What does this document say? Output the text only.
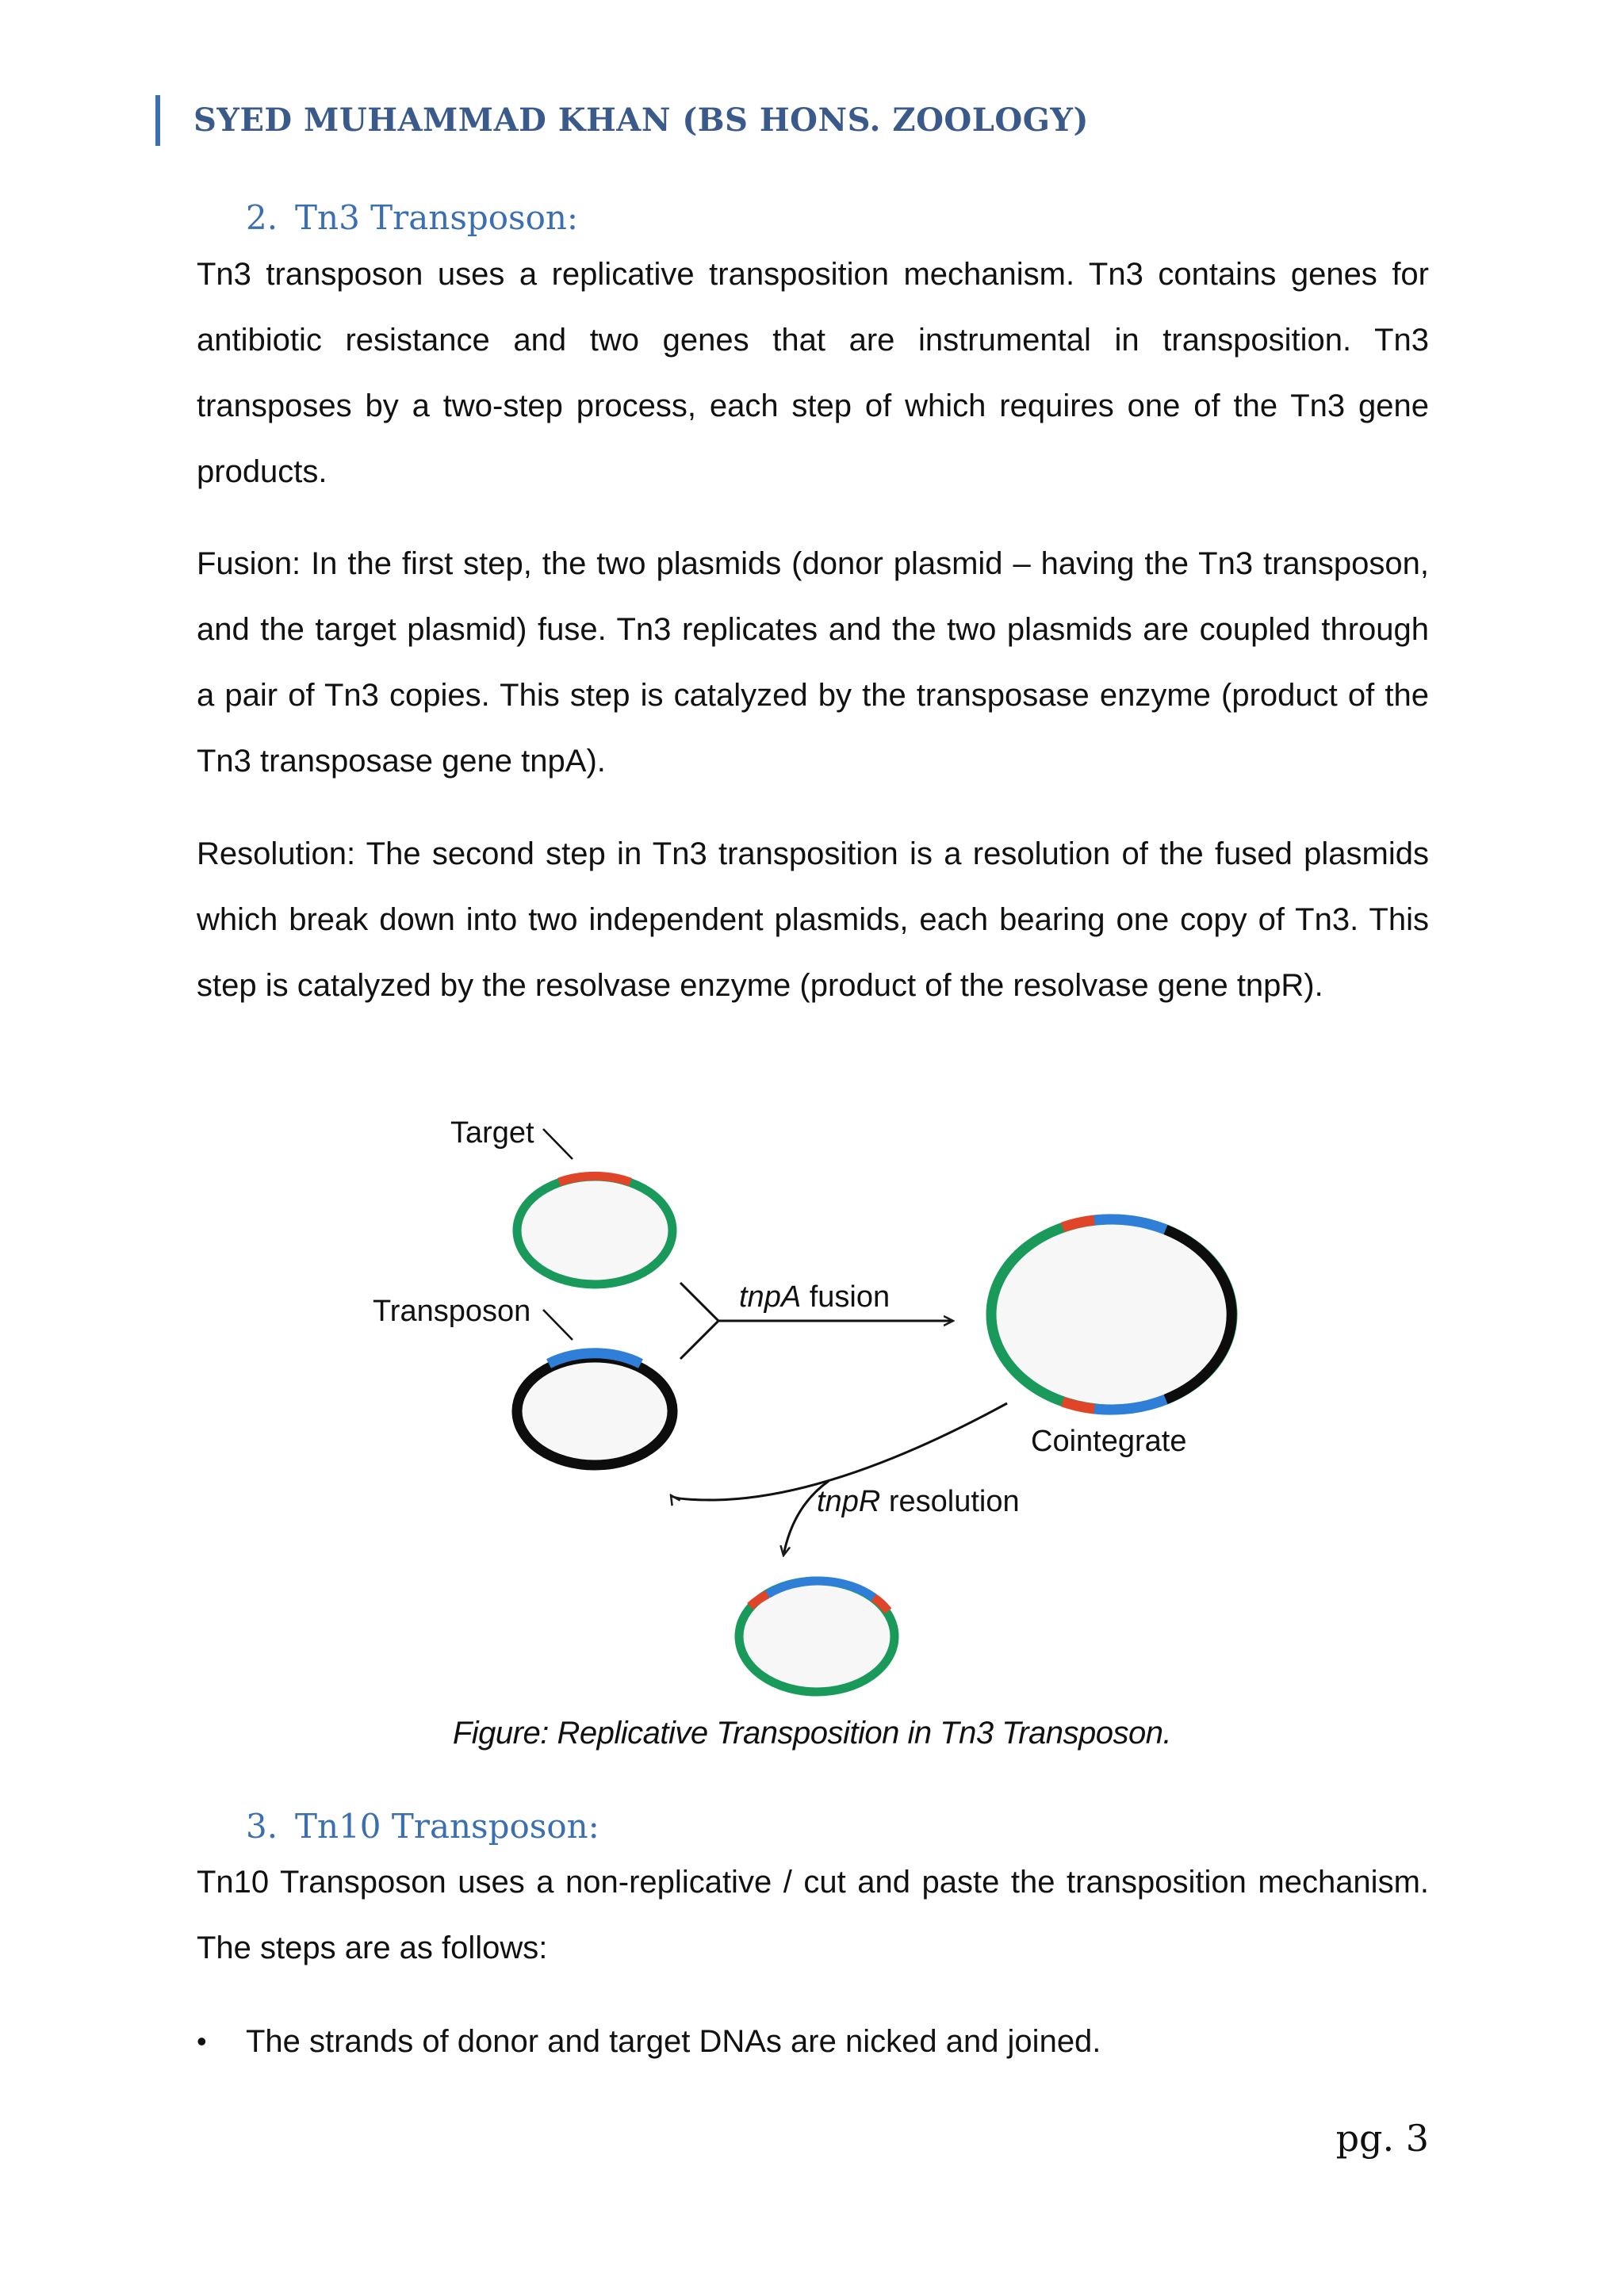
SYED MUHAMMAD KHAN (BS HONS. ZOOLOGY)
2. Tn3 Transposon:

Tn3 transposon uses a replicative transposition mechanism. Tn3 contains genes for antibiotic resistance and two genes that are instrumental in transposition. Tn3 transposes by a two-step process, each step of which requires one of the Tn3 gene products.

Fusion: In the first step, the two plasmids (donor plasmid – having the Tn3 transposon, and the target plasmid) fuse. Tn3 replicates and the two plasmids are coupled through a pair of Tn3 copies. This step is catalyzed by the transposase enzyme (product of the Tn3 transposase gene tnpA).

Resolution: The second step in Tn3 transposition is a resolution of the fused plasmids which break down into two independent plasmids, each bearing one copy of Tn3. This step is catalyzed by the resolvase enzyme (product of the resolvase gene tnpR).

Target
Transposon	tnpA fusion
Cointegrate
tnpR resolution
Figure: Replicative Transposition in Tn3 Transposon.
3. Tn10 Transposon:

Tn10 Transposon uses a non-replicative / cut and paste the transposition mechanism. The steps are as follows:

•	The strands of donor and target DNAs are nicked and joined.
pg. 3
